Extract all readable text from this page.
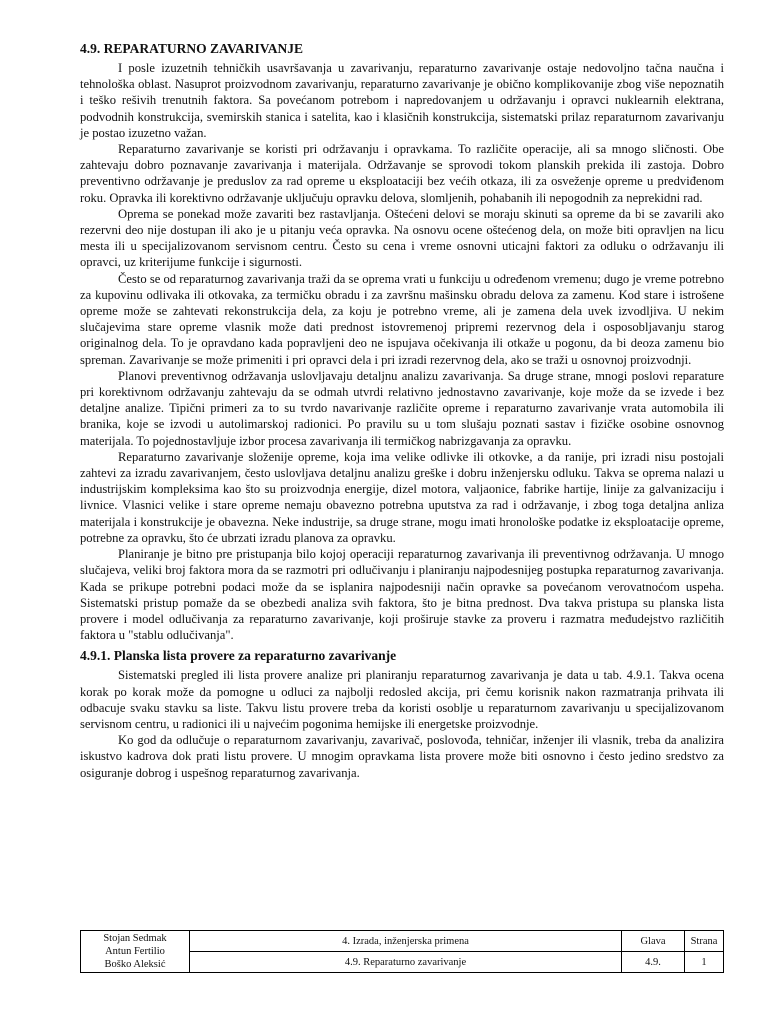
4.9. REPARATURNO ZAVARIVANJE

I posle izuzetnih tehničkih usavršavanja u zavarivanju, reparaturno zavarivanje ostaje nedovoljno tačna naučna i tehnološka oblast. Nasuprot proizvodnom zavarivanju, reparaturno zavarivanje je obično komplikovanije zbog više nepoznatih i teško rešivih trenutnih faktora. Sa povećanom potrebom i napredovanjem u održavanju i opravci nuklearnih elektrana, podvodnih konstrukcija, svemirskih stanica i satelita, kao i klasičnih konstrukcija, sistematski prilaz reparaturnom zavarivanju je postao izuzetno važan.

Reparaturno zavarivanje se koristi pri održavanju i opravkama. To različite operacije, ali sa mnogo sličnosti. Obe zahtevaju dobro poznavanje zavarivanja i materijala. Održavanje se sprovodi tokom planskih prekida ili zastoja. Dobro preventivno održavanje je preduslov za rad opreme u eksploataciji bez većih otkaza, ili za osveženje opreme u predviđenom roku. Opravka ili korektivno održavanje uključuju opravku delova, slomljenih, pohabanih ili nepogodnih za neprekidni rad.

Oprema se ponekad može zavariti bez rastavljanja. Oštećeni delovi se moraju skinuti sa opreme da bi se zavarili ako rezervni deo nije dostupan ili ako je u pitanju veća opravka. Na osnovu ocene oštećenog dela, on može biti opravljen na licu mesta ili u specijalizovanom servisnom centru. Često su cena i vreme osnovni uticajni faktori za odluku o održavanju ili opravci, uz kriterijume funkcije i sigurnosti.

Često se od reparaturnog zavarivanja traži da se oprema vrati u funkciju u određenom vremenu; dugo je vreme potrebno za kupovinu odlivaka ili otkovaka, za termičku obradu i za završnu mašinsku obradu delova za zamenu. Kod stare i istrošene opreme može se zahtevati rekonstrukcija dela, za koju je potrebno vreme, ali je zamena dela uvek izvodljiva. U nekim slučajevima stare opreme vlasnik može dati prednost istovremenoj pripremi rezervnog dela i osposobljavanju starog originalnog dela. To je opravdano kada popravljeni deo ne ispujava očekivanja ili otkaže u pogonu, da bi deoza zamenu bio spreman. Zavarivanje se može primeniti i pri opravci dela i pri izradi rezervnog dela, ako se traži u osnovnoj proizvodnji.

Planovi preventivnog održavanja uslovljavaju detaljnu analizu zavarivanja. Sa druge strane, mnogi poslovi reparature pri korektivnom održavanju zahtevaju da se odmah utvrdi relativno jednostavno zavarivanje, koje može da se izvede i bez detaljne analize. Tipični primeri za to su tvrdo navarivanje različite opreme i reparaturno zavarivanje vrata automobila ili branika, koje se izvodi u autolimarskoj radionici. Po pravilu su u tom slušaju poznati sastav i fizičke osobine osnovnog materijala. To pojednostavljuje izbor procesa zavarivanja ili termičkog nabrizgavanja za opravku.

Reparaturno zavarivanje složenije opreme, koja ima velike odlivke ili otkovke, a da ranije, pri izradi nisu postojali zahtevi za izradu zavarivanjem, često uslovljava detaljnu analizu greške i dobru inženjersku odluku. Takva se oprema nalazi u industrijskim kompleksima kao što su proizvodnja energije, dizel motora, valjaonice, fabrike hartije, linije za galvanizaciju i livnice. Vlasnici velike i stare opreme nemaju obavezno potrebna uputstva za rad i održavanje, i zbog toga detaljna anliza materijala i konstrukcije je obavezna. Neke industrije, sa druge strane, mogu imati hronološke podatke iz eksploatacije opreme, potrebne za opravku, što će ubrzati izradu planova za opravku.

Planiranje je bitno pre pristupanja bilo kojoj operaciji reparaturnog zavarivanja ili preventivnog održavanja. U mnogo slučajeva, veliki broj faktora mora da se razmotri pri odlučivanju i planiranju najpodesnijeg postupka reparaturnog zavarivanja. Kada se prikupe potrebni podaci može da se isplanira najpodesniji način opravke sa povećanom verovatnoćom uspeha. Sistematski pristup pomaže da se obezbedi analiza svih faktora, što je bitna prednost. Dva takva pristupa su planska lista provere i model odlučivanja za reparaturno zavarivanje, koji proširuje stavke za proveru i razmatra međudejstvo različitih faktora u "stablu odlučivanja".

4.9.1. Planska lista provere za reparaturno zavarivanje

Sistematski pregled ili lista provere analize pri planiranju reparaturnog zavarivanja je data u tab. 4.9.1. Takva ocena korak po korak može da pomogne u odluci za najbolji redosled akcija, pri čemu korisnik nakon razmatranja prihvata ili odbacuje svaku stavku sa liste. Takvu listu provere treba da koristi osoblje u reparaturnom zavarivanju u specijalizovanom servisnom centru, u radionici ili u najvećim pogonima hemijske ili energetske proizvodnje.

Ko god da odlučuje o reparaturnom zavarivanju, zavarivač, poslovođa, tehničar, inženjer ili vlasnik, treba da analizira iskustvo kadrova dok prati listu provere. U mnogim opravkama lista provere može biti osnovno i često jedino sredstvo za osiguranje dobrog i uspešnog reparaturnog zavarivanja.

Stojan Sedmak
Antun Fertilio
Boško Aleksić	4. Izrada, inženjerska primena	Glava	Strana
	4.9. Reparaturno zavarivanje	4.9.	1
